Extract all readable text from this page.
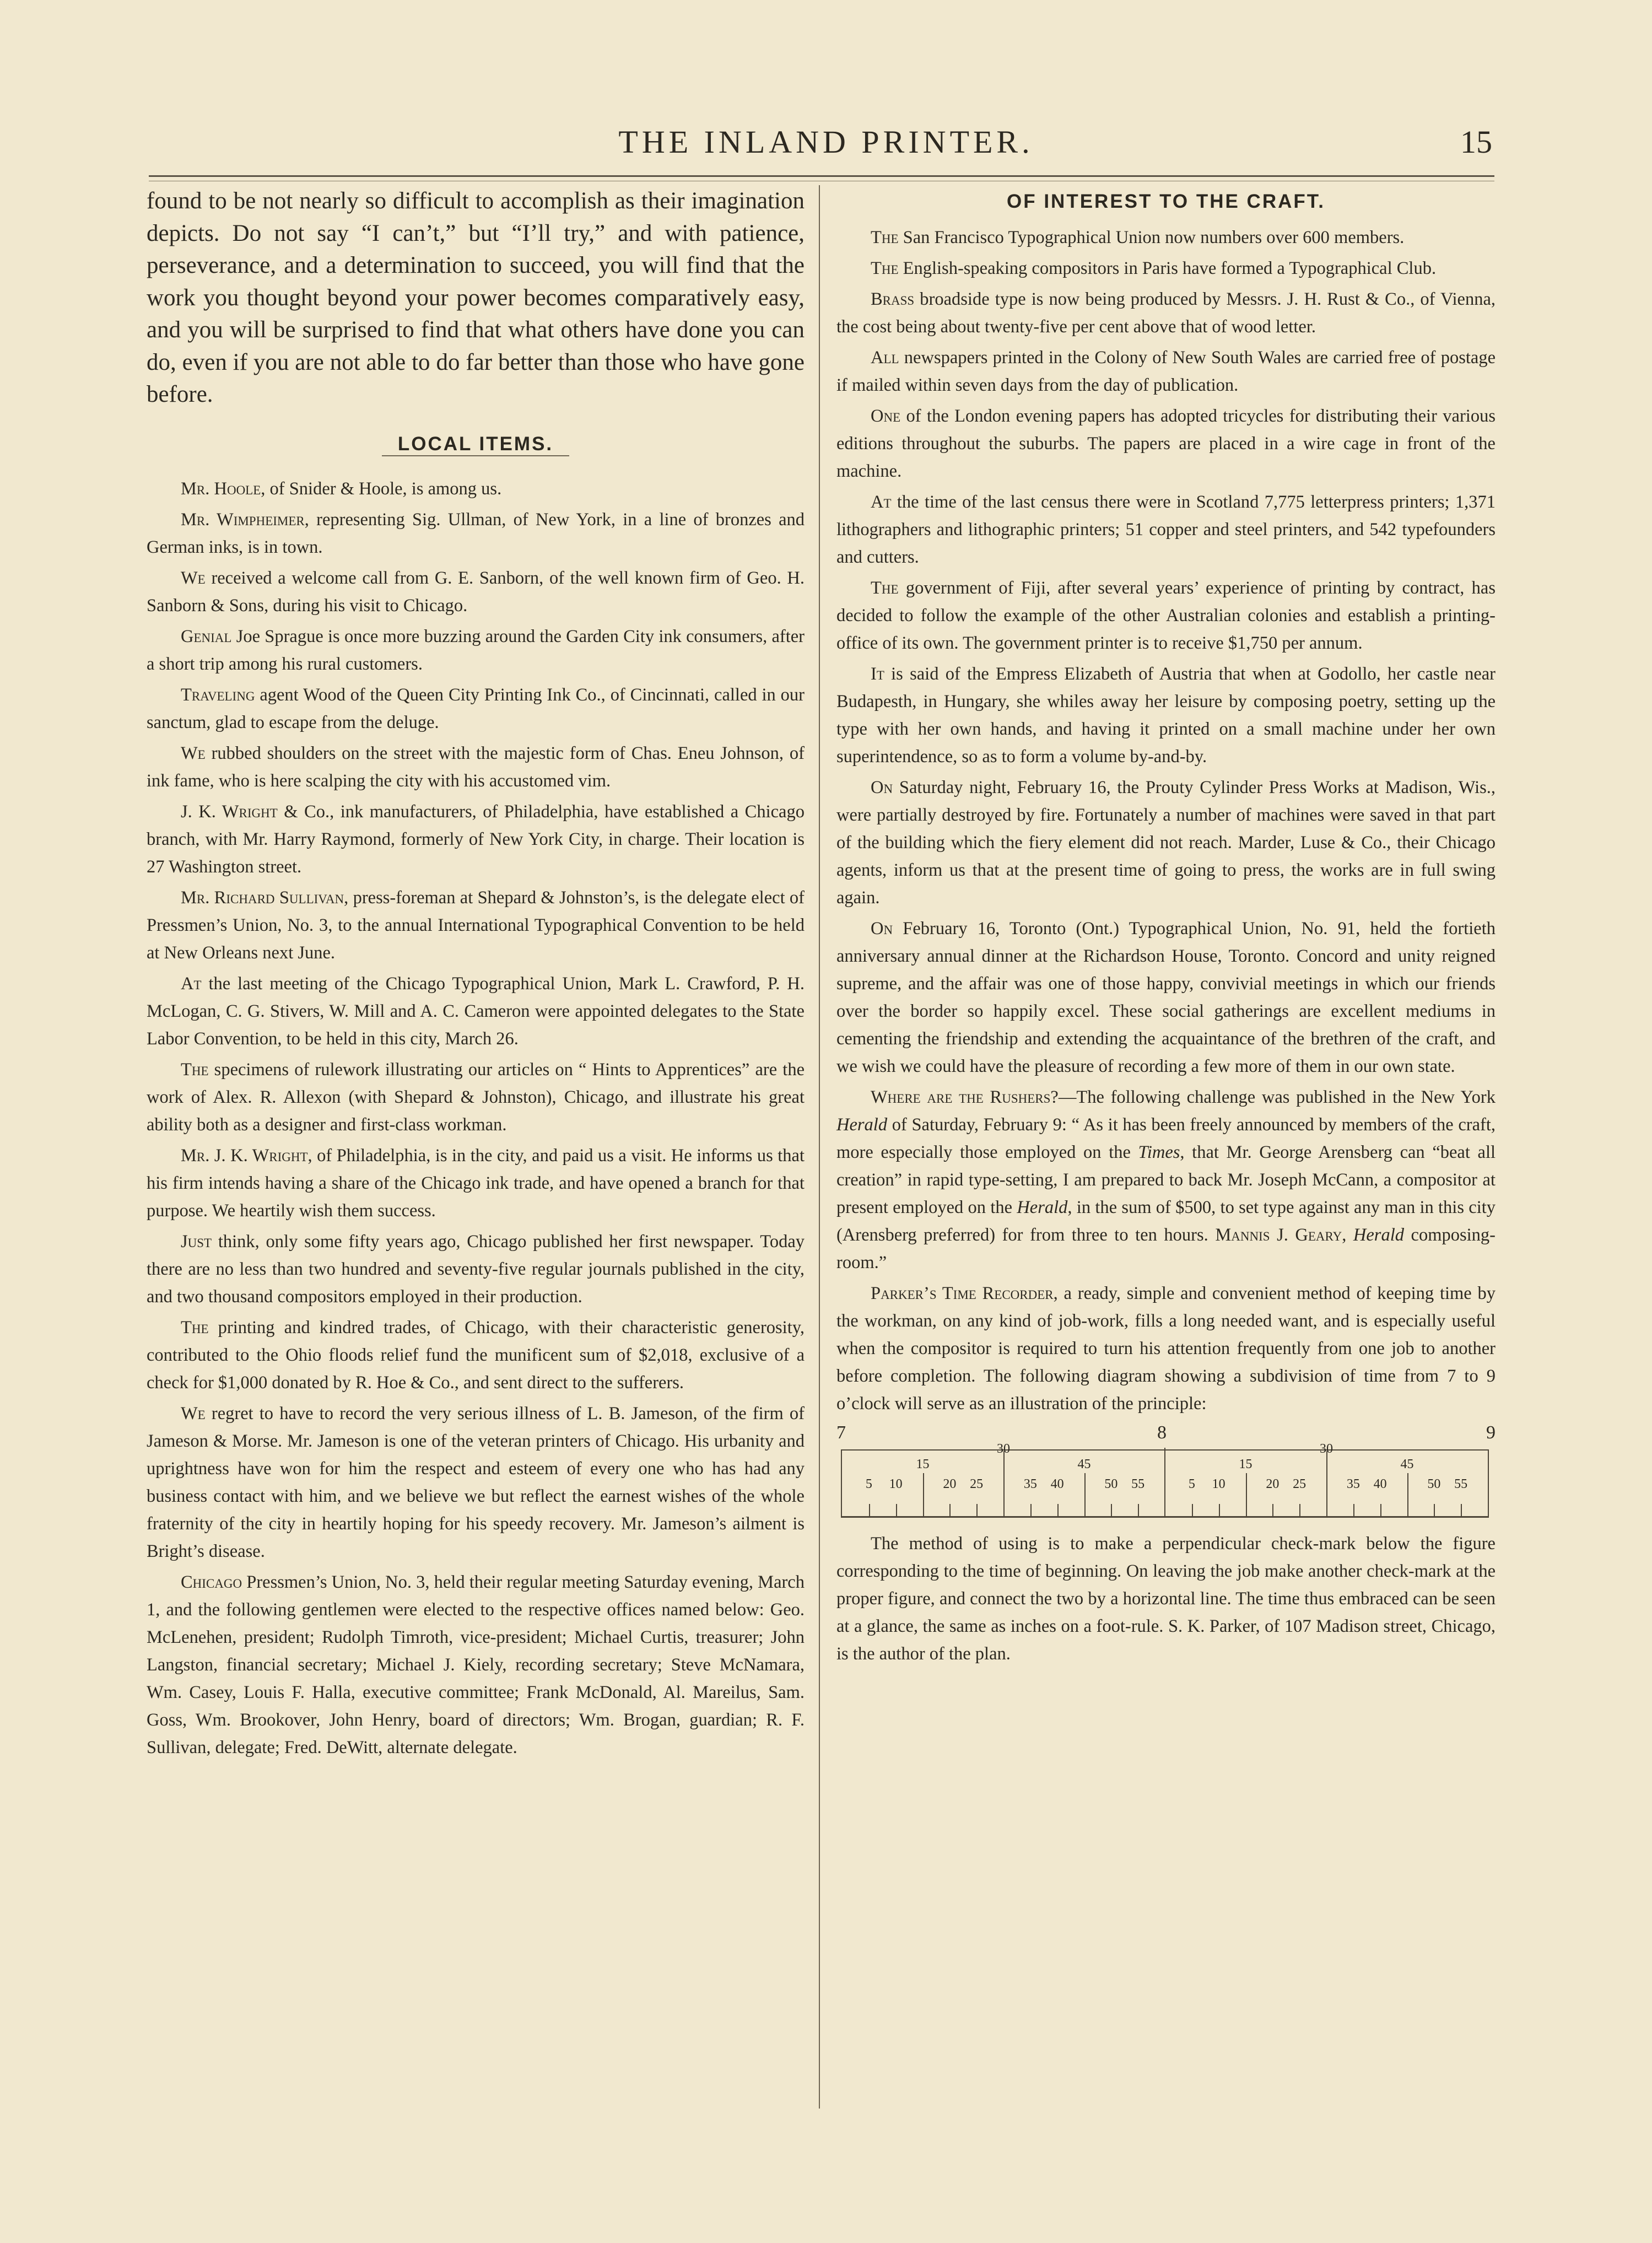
THE INLAND PRINTER.	15

found to be not nearly so difficult to accomplish as their imagination depicts. Do not say “I can’t,” but “I’ll try,” and with patience, perseverance, and a determination to succeed, you will find that the work you thought beyond your power becomes comparatively easy, and you will be surprised to find that what others have done you can do, even if you are not able to do far better than those who have gone before.

LOCAL ITEMS.

Mr. Hoole, of Snider & Hoole, is among us.

Mr. Wimpheimer, representing Sig. Ullman, of New York, in a line of bronzes and German inks, is in town.

We received a welcome call from G. E. Sanborn, of the well known firm of Geo. H. Sanborn & Sons, during his visit to Chicago.

Genial Joe Sprague is once more buzzing around the Garden City ink consumers, after a short trip among his rural customers.

Traveling agent Wood of the Queen City Printing Ink Co., of Cincinnati, called in our sanctum, glad to escape from the deluge.

We rubbed shoulders on the street with the majestic form of Chas. Eneu Johnson, of ink fame, who is here scalping the city with his accustomed vim.

J. K. Wright & Co., ink manufacturers, of Philadelphia, have established a Chicago branch, with Mr. Harry Raymond, formerly of New York City, in charge. Their location is 27 Washington street.

Mr. Richard Sullivan, press-foreman at Shepard & Johnston’s, is the delegate elect of Pressmen’s Union, No. 3, to the annual International Typographical Convention to be held at New Orleans next June.

At the last meeting of the Chicago Typographical Union, Mark L. Crawford, P. H. McLogan, C. G. Stivers, W. Mill and A. C. Cameron were appointed delegates to the State Labor Convention, to be held in this city, March 26.

The specimens of rulework illustrating our articles on “ Hints to Apprentices” are the work of Alex. R. Allexon (with Shepard & Johnston), Chicago, and illustrate his great ability both as a designer and first-class workman.

Mr. J. K. Wright, of Philadelphia, is in the city, and paid us a visit. He informs us that his firm intends having a share of the Chicago ink trade, and have opened a branch for that purpose. We heartily wish them success.

Just think, only some fifty years ago, Chicago published her first newspaper. Today there are no less than two hundred and seventy-five regular journals published in the city, and two thousand compositors employed in their production.

The printing and kindred trades, of Chicago, with their characteristic generosity, contributed to the Ohio floods relief fund the munificent sum of $2,018, exclusive of a check for $1,000 donated by R. Hoe & Co., and sent direct to the sufferers.

We regret to have to record the very serious illness of L. B. Jameson, of the firm of Jameson & Morse. Mr. Jameson is one of the veteran printers of Chicago. His urbanity and uprightness have won for him the respect and esteem of every one who has had any business contact with him, and we believe we but reflect the earnest wishes of the whole fraternity of the city in heartily hoping for his speedy recovery. Mr. Jameson’s ailment is Bright’s disease.

Chicago Pressmen’s Union, No. 3, held their regular meeting Saturday evening, March 1, and the following gentlemen were elected to the respective offices named below: Geo. McLenehen, president; Rudolph Timroth, vice-president; Michael Curtis, treasurer; John Langston, financial secretary; Michael J. Kiely, recording secretary; Steve McNamara, Wm. Casey, Louis F. Halla, executive committee; Frank McDonald, Al. Mareilus, Sam. Goss, Wm. Brookover, John Henry, board of directors; Wm. Brogan, guardian; R. F. Sullivan, delegate; Fred. DeWitt, alternate delegate.

OF INTEREST TO THE CRAFT.

The San Francisco Typographical Union now numbers over 600 members.

The English-speaking compositors in Paris have formed a Typographical Club.

Brass broadside type is now being produced by Messrs. J. H. Rust & Co., of Vienna, the cost being about twenty-five per cent above that of wood letter.

All newspapers printed in the Colony of New South Wales are carried free of postage if mailed within seven days from the day of publication.

One of the London evening papers has adopted tricycles for distributing their various editions throughout the suburbs. The papers are placed in a wire cage in front of the machine.

At the time of the last census there were in Scotland 7,775 letterpress printers; 1,371 lithographers and lithographic printers; 51 copper and steel printers, and 542 typefounders and cutters.

The government of Fiji, after several years’ experience of printing by contract, has decided to follow the example of the other Australian colonies and establish a printing-office of its own. The government printer is to receive $1,750 per annum.

It is said of the Empress Elizabeth of Austria that when at Godollo, her castle near Budapesth, in Hungary, she whiles away her leisure by composing poetry, setting up the type with her own hands, and having it printed on a small machine under her own superintendence, so as to form a volume by-and-by.

On Saturday night, February 16, the Prouty Cylinder Press Works at Madison, Wis., were partially destroyed by fire. Fortunately a number of machines were saved in that part of the building which the fiery element did not reach. Marder, Luse & Co., their Chicago agents, inform us that at the present time of going to press, the works are in full swing again.

On February 16, Toronto (Ont.) Typographical Union, No. 91, held the fortieth anniversary annual dinner at the Richardson House, Toronto. Concord and unity reigned supreme, and the affair was one of those happy, convivial meetings in which our friends over the border so happily excel. These social gatherings are excellent mediums in cementing the friendship and extending the acquaintance of the brethren of the craft, and we wish we could have the pleasure of recording a few more of them in our own state.

Where are the Rushers?—The following challenge was published in the New York Herald of Saturday, February 9: “ As it has been freely announced by members of the craft, more especially those employed on the Times, that Mr. George Arensberg can “beat all creation” in rapid type-setting, I am prepared to back Mr. Joseph McCann, a compositor at present employed on the Herald, in the sum of $500, to set type against any man in this city (Arensberg preferred) for from three to ten hours. Mannis J. Geary, Herald composing-room.”

Parker’s Time Recorder, a ready, simple and convenient method of keeping time by the workman, on any kind of job-work, fills a long needed want, and is especially useful when the compositor is required to turn his attention frequently from one job to another before completion. The following diagram showing a subdivision of time from 7 to 9 o’clock will serve as an illustration of the principle:

7	8	9
5 10
15
20 25
30
35 40
45
50 55	5 10
15
20 25
30
35 40
45
50 55

The method of using is to make a perpendicular check-mark below the figure corresponding to the time of beginning. On leaving the job make another check-mark at the proper figure, and connect the two by a horizontal line. The time thus embraced can be seen at a glance, the same as inches on a foot-rule. S. K. Parker, of 107 Madison street, Chicago, is the author of the plan.
